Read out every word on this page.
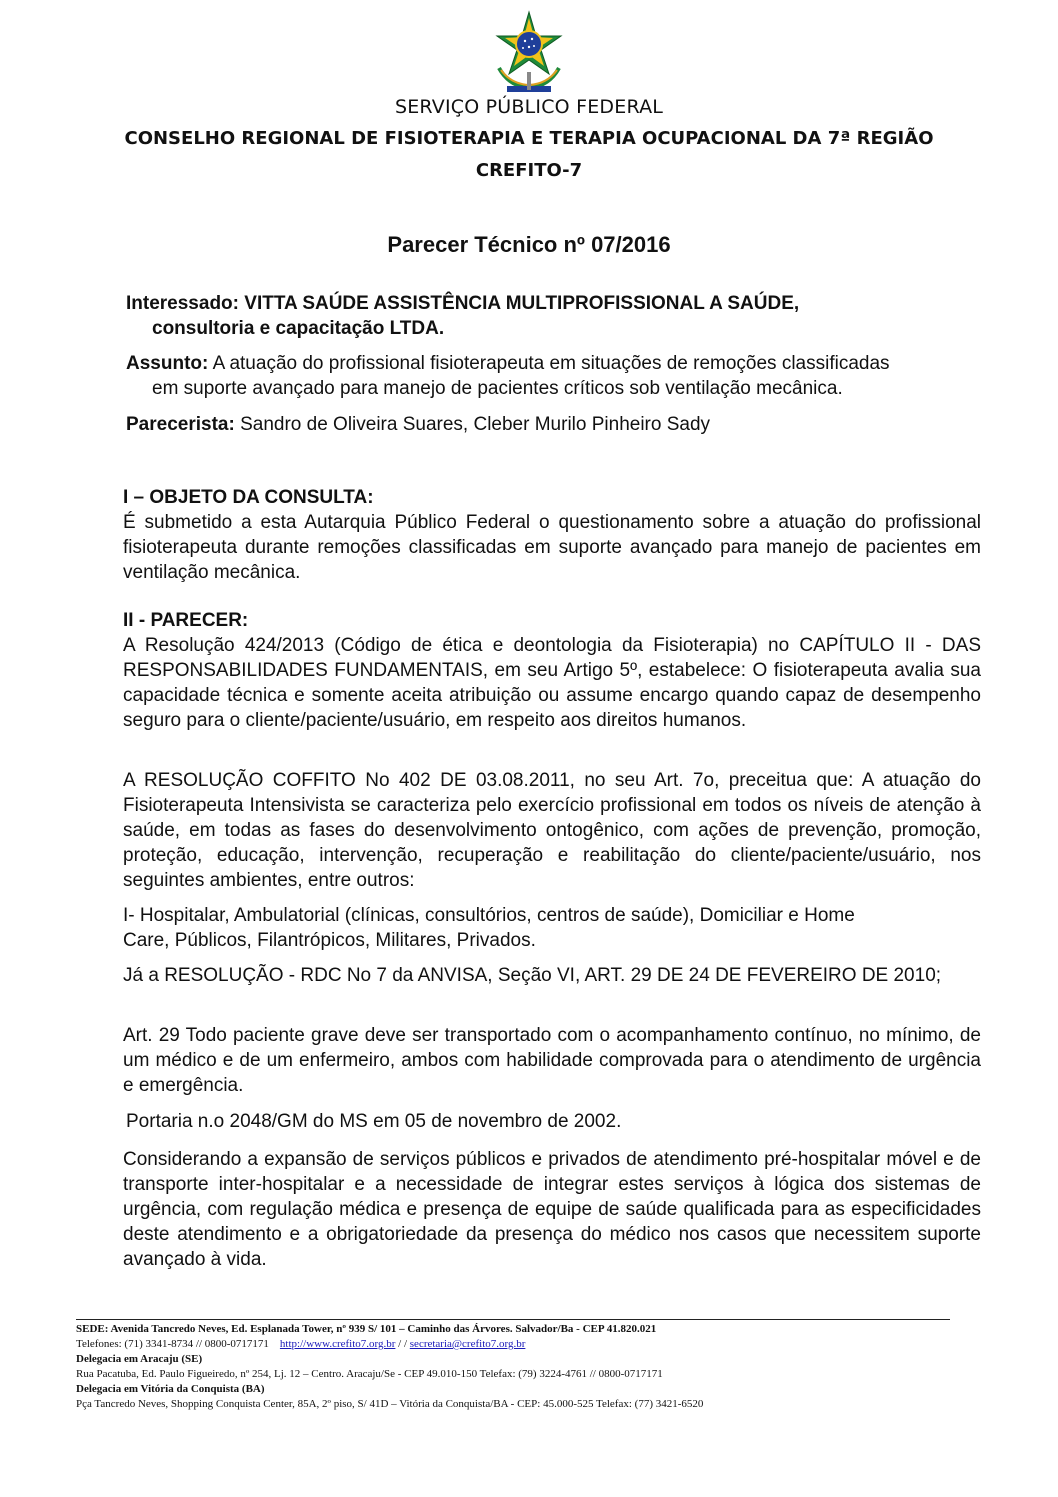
SERVIÇO PÚBLICO FEDERAL
CONSELHO REGIONAL DE FISIOTERAPIA E TERAPIA OCUPACIONAL DA 7ª REGIÃO
CREFITO-7
Parecer Técnico nº 07/2016
Interessado: VITTA SAÚDE ASSISTÊNCIA MULTIPROFISSIONAL A SAÚDE,
consultoria e capacitação LTDA.
Assunto: A atuação do profissional fisioterapeuta em situações de remoções classificadas
em suporte avançado para manejo de pacientes críticos sob ventilação mecânica.
Parecerista: Sandro de Oliveira Suares, Cleber Murilo Pinheiro Sady

I – OBJETO DA CONSULTA:

É submetido a esta Autarquia Público Federal o questionamento sobre a atuação do profissional fisioterapeuta durante remoções classificadas em suporte avançado para manejo de pacientes em ventilação mecânica.

II - PARECER:

A Resolução 424/2013 (Código de ética e deontologia da Fisioterapia) no CAPÍTULO II - DAS RESPONSABILIDADES FUNDAMENTAIS, em seu Artigo 5º, estabelece: O fisioterapeuta avalia sua capacidade técnica e somente aceita atribuição ou assume encargo quando capaz de desempenho seguro para o cliente/paciente/usuário, em respeito aos direitos humanos.

A RESOLUÇÃO COFFITO No 402 DE 03.08.2011, no seu Art. 7o, preceitua que: A atuação do Fisioterapeuta Intensivista se caracteriza pelo exercício profissional em todos os níveis de atenção à saúde, em todas as fases do desenvolvimento ontogênico, com ações de prevenção, promoção, proteção, educação, intervenção, recuperação e reabilitação do cliente/paciente/usuário, nos seguintes ambientes, entre outros:

I- Hospitalar, Ambulatorial (clínicas, consultórios, centros de saúde), Domiciliar e Home

Care, Públicos, Filantrópicos, Militares, Privados.

Já a RESOLUÇÃO - RDC No 7 da ANVISA, Seção VI, ART. 29 DE 24 DE FEVEREIRO DE 2010;

Art. 29 Todo paciente grave deve ser transportado com o acompanhamento contínuo, no mínimo, de um médico e de um enfermeiro, ambos com habilidade comprovada para o atendimento de urgência e emergência.

Portaria n.o 2048/GM do MS em 05 de novembro de 2002.

Considerando a expansão de serviços públicos e privados de atendimento pré-hospitalar móvel e de transporte inter-hospitalar e a necessidade de integrar estes serviços à lógica dos sistemas de urgência, com regulação médica e presença de equipe de saúde qualificada para as especificidades deste atendimento e a obrigatoriedade da presença do médico nos casos que necessitem suporte avançado à vida.

SEDE: Avenida Tancredo Neves, Ed. Esplanada Tower, nº 939 S/ 101 – Caminho das Árvores. Salvador/Ba - CEP 41.820.021
Telefones: (71) 3341-8734 // 0800-0717171 http://www.crefito7.org.br / / secretaria@crefito7.org.br
Delegacia em Aracaju (SE)
Rua Pacatuba, Ed. Paulo Figueiredo, nº 254, Lj. 12 – Centro. Aracaju/Se - CEP 49.010-150 Telefax: (79) 3224-4761 // 0800-0717171
Delegacia em Vitória da Conquista (BA)
Pça Tancredo Neves, Shopping Conquista Center, 85A, 2º piso, S/ 41D – Vitória da Conquista/BA - CEP: 45.000-525 Telefax: (77) 3421-6520
